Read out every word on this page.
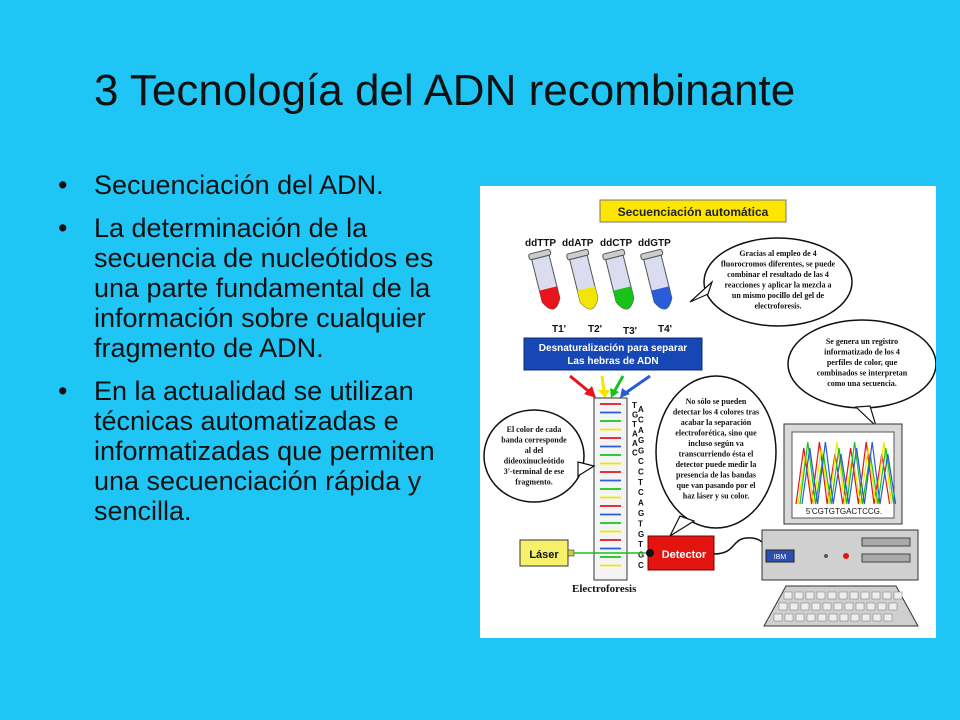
3 Tecnología del ADN recombinante
• Secuenciación del ADN.
• La determinación de la secuencia de nucleótidos es una parte fundamental de la información sobre cualquier fragmento de ADN.
• En la actualidad se utilizan técnicas automatizadas e informatizadas que permiten una secuenciación rápida y sencilla.
Secuenciación automática
ddTTP ddATP ddCTP ddGTP
T1' T2' T3' T4'
Desnaturalización para separar
Las hebras de ADN
T
G
T
A
A
C
A
C
A
G
G
C
C
T
C
A
G
T
G
T
G
C
Electroforesis
Gracias al empleo de 4
fluorocromos diferentes, se puede
combinar el resultado de las 4
reacciones y aplicar la mezcla a
un mismo pocillo del gel de
electroforesis.
Se genera un registro
informatizado de los 4
perfiles de color, que
combinados se interpretan
como una secuencia.
No sólo se pueden
detectar los 4 colores tras
acabar la separación
electroforética, sino que
incluso según va
transcurriendo ésta el
detector puede medir la
presencia de las bandas
que van pasando por el
haz láser y su color.
El color de cada
banda corresponde
al del
dideoxinucleótido
3'-terminal de ese
fragmento.
Láser	Detector
5'CGTGTGACTCCG.
IBM
